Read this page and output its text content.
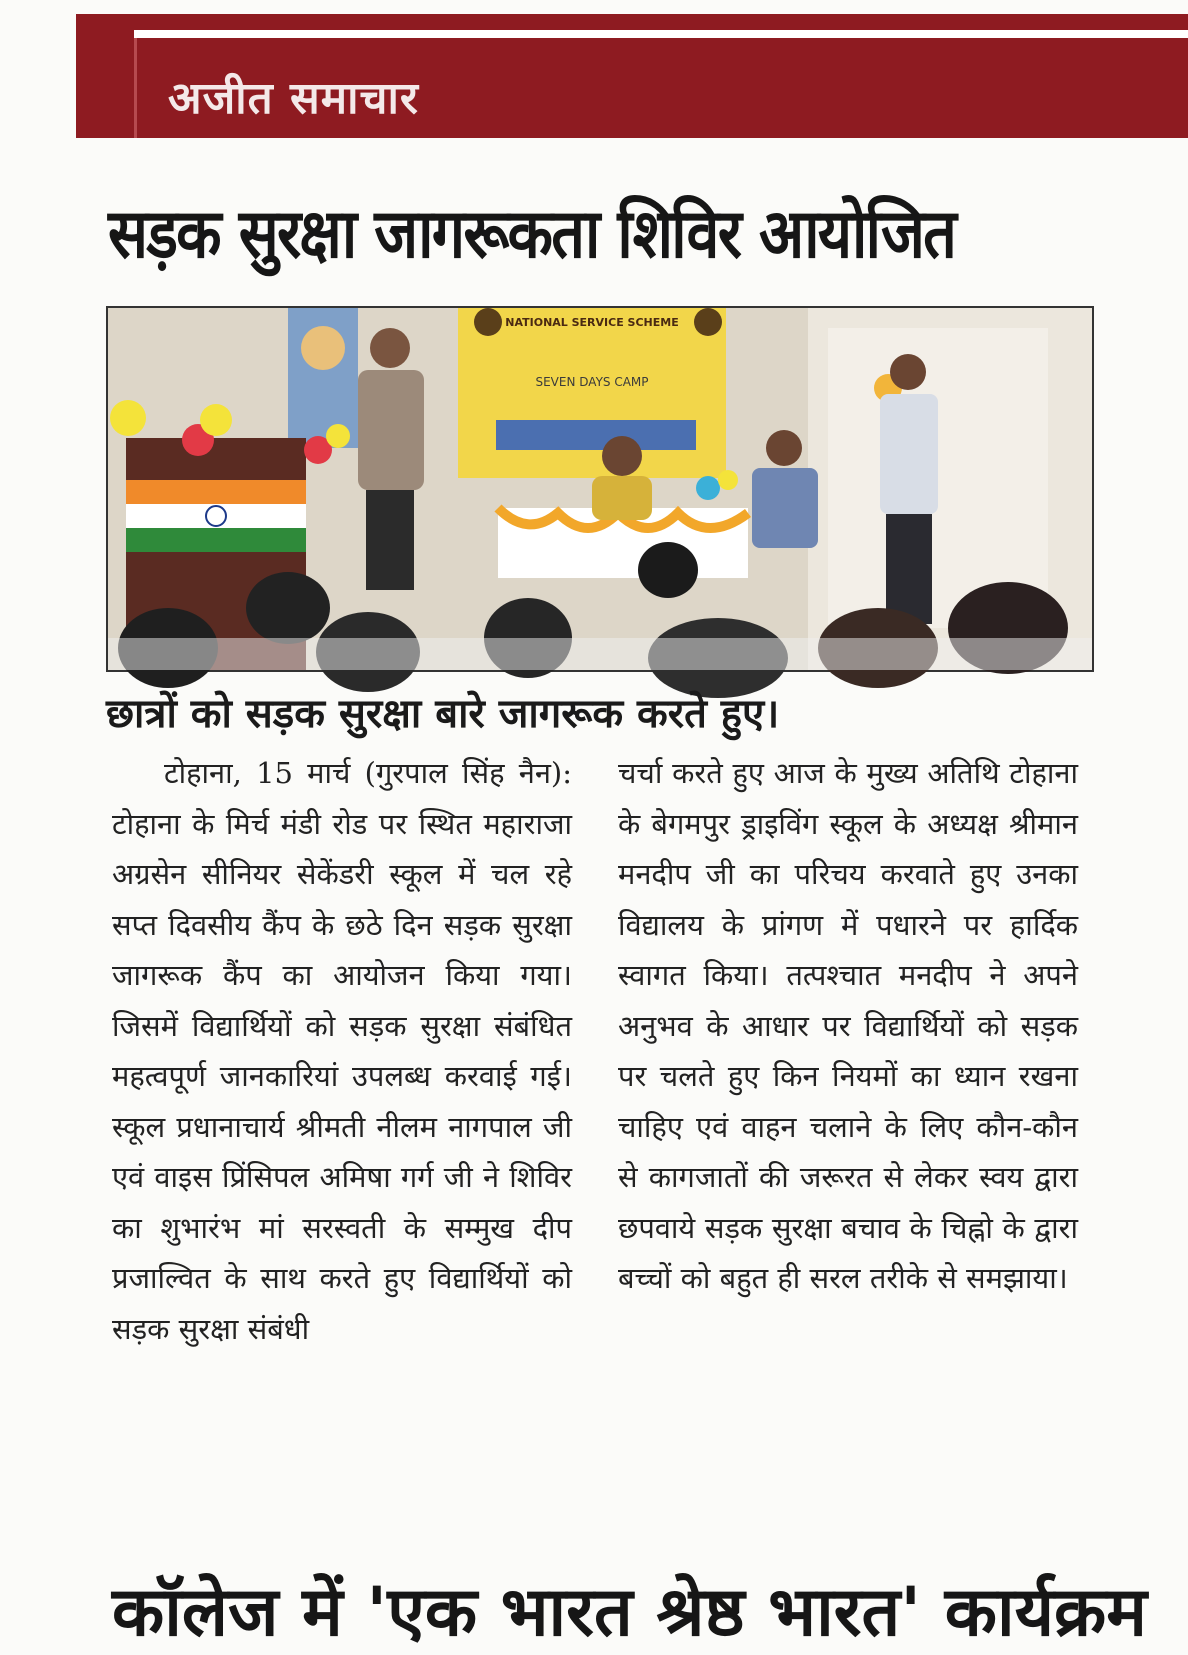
अजीत समाचार
सड़क सुरक्षा जागरूकता शिविर आयोजित
NATIONAL SERVICE SCHEME
SEVEN DAYS CAMP
छात्रों को सड़क सुरक्षा बारे जागरूक करते हुए।
टोहाना, 15 मार्च (गुरपाल सिंह नैन): टोहाना के मिर्च मंडी रोड पर स्थित महाराजा अग्रसेन सीनियर सेकेंडरी स्कूल में चल रहे सप्त दिवसीय कैंप के छठे दिन सड़क सुरक्षा जागरूक कैंप का आयोजन किया गया। जिसमें विद्यार्थियों को सड़क सुरक्षा संबंधित महत्वपूर्ण जानकारियां उपलब्ध करवाई गई। स्कूल प्रधानाचार्य श्रीमती नीलम नागपाल जी एवं वाइस प्रिंसिपल अमिषा गर्ग जी ने शिविर का शुभारंभ मां सरस्वती के सम्मुख दीप प्रजाल्वित के साथ करते हुए विद्यार्थियों को सड़क सुरक्षा संबंधी
चर्चा करते हुए आज के मुख्य अतिथि टोहाना के बेगमपुर ड्राइविंग स्कूल के अध्यक्ष श्रीमान मनदीप जी का परिचय करवाते हुए उनका विद्यालय के प्रांगण में पधारने पर हार्दिक स्वागत किया। तत्पश्चात मनदीप ने अपने अनुभव के आधार पर विद्यार्थियों को सड़क पर चलते हुए किन नियमों का ध्यान रखना चाहिए एवं वाहन चलाने के लिए कौन-कौन से कागजातों की जरूरत से लेकर स्वय द्वारा छपवाये सड़क सुरक्षा बचाव के चिह्नो के द्वारा बच्चों को बहुत ही सरल तरीके से समझाया।
कॉलेज में 'एक भारत श्रेष्ठ भारत' कार्यक्रम
